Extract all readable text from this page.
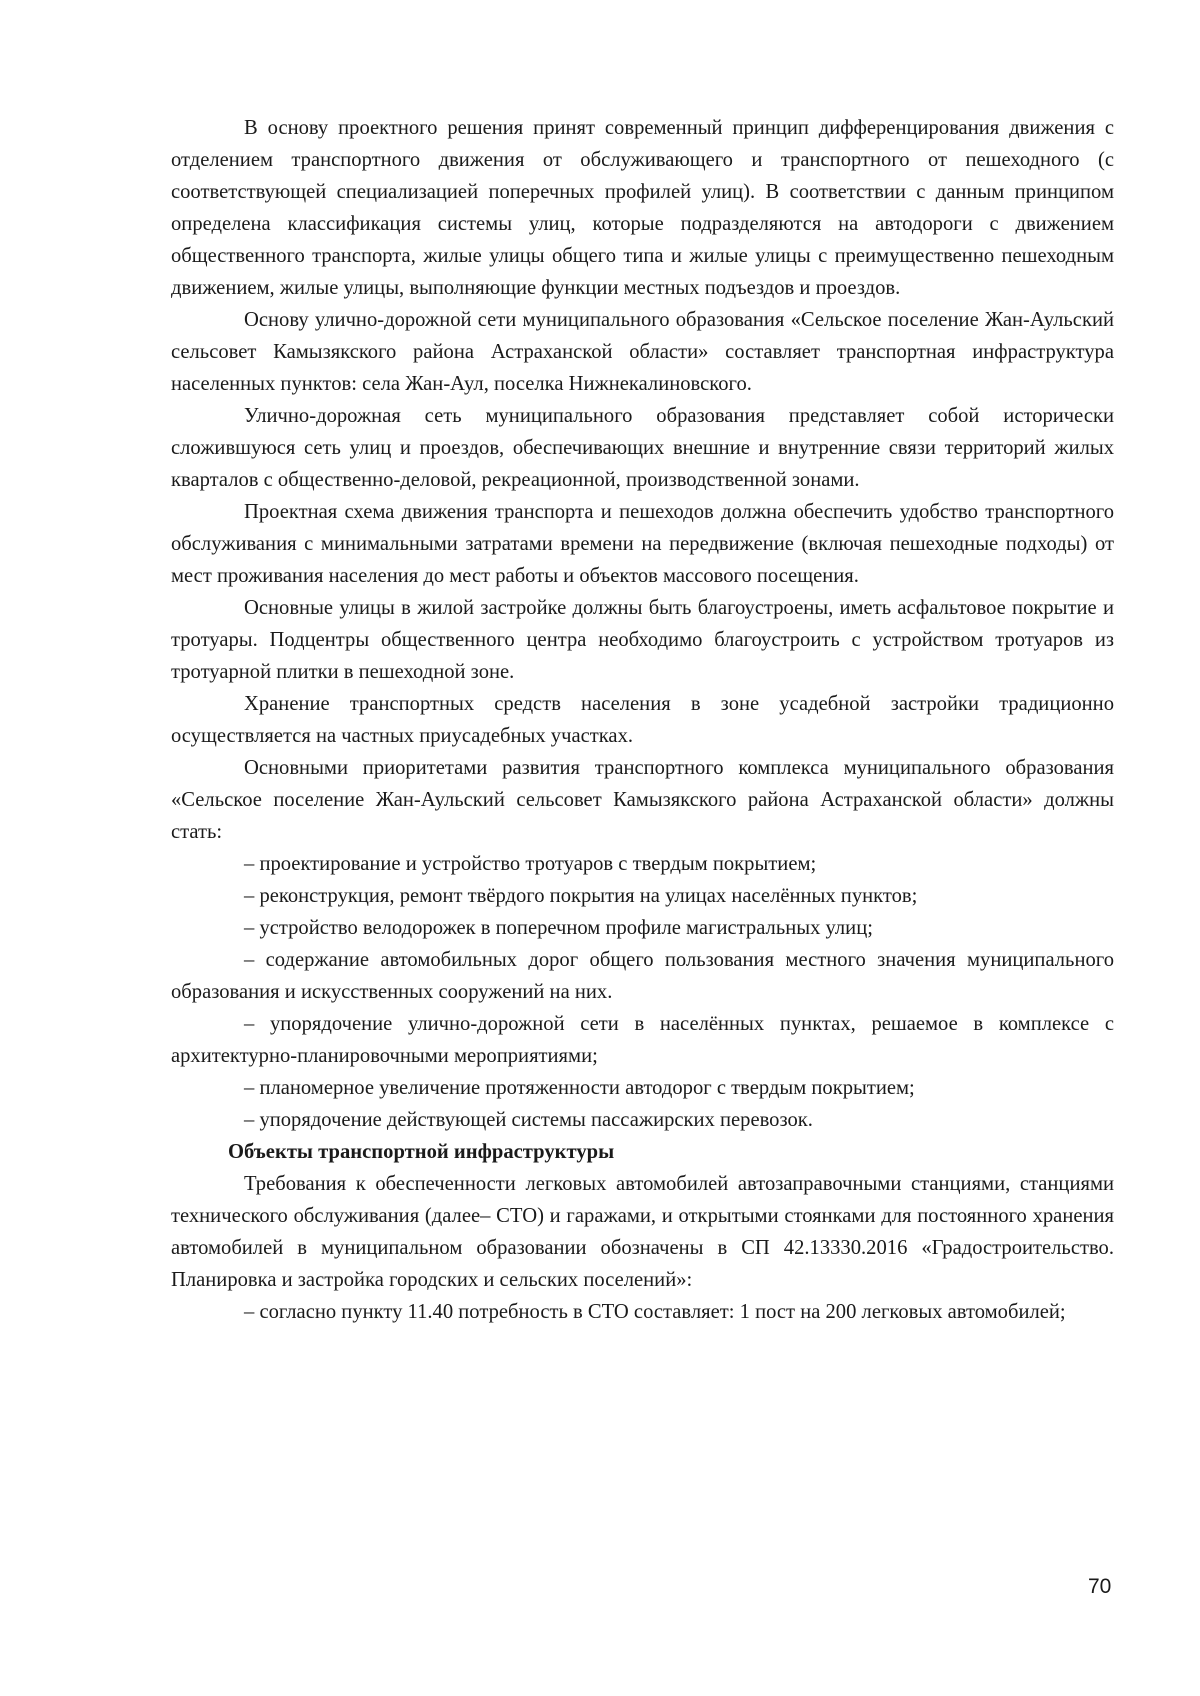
В основу проектного решения принят современный принцип дифференцирования движения с отделением транспортного движения от обслуживающего и транспортного от пешеходного (с соответствующей специализацией поперечных профилей улиц). В соответствии с данным принципом определена классификация системы улиц, которые подразделяются на автодороги с движением общественного транспорта, жилые улицы общего типа и жилые улицы с преимущественно пешеходным движением, жилые улицы, выполняющие функции местных подъездов и проездов.

Основу улично-дорожной сети муниципального образования «Сельское поселение Жан-Аульский сельсовет Камызякского района Астраханской области» составляет транспортная инфраструктура населенных пунктов: села Жан-Аул, поселка Нижнекалиновского.

Улично-дорожная сеть муниципального образования представляет собой исторически сложившуюся сеть улиц и проездов, обеспечивающих внешние и внутренние связи территорий жилых кварталов с общественно-деловой, рекреационной, производственной зонами.

Проектная схема движения транспорта и пешеходов должна обеспечить удобство транспортного обслуживания с минимальными затратами времени на передвижение (включая пешеходные подходы) от мест проживания населения до мест работы и объектов массового посещения.

Основные улицы в жилой застройке должны быть благоустроены, иметь асфальтовое покрытие и тротуары. Подцентры общественного центра необходимо благоустроить с устройством тротуаров из тротуарной плитки в пешеходной зоне.

Хранение транспортных средств населения в зоне усадебной застройки традиционно осуществляется на частных приусадебных участках.

Основными приоритетами развития транспортного комплекса муниципального образования «Сельское поселение Жан-Аульский сельсовет Камызякского района Астраханской области» должны стать:

– проектирование и устройство тротуаров с твердым покрытием;

– реконструкция, ремонт твёрдого покрытия на улицах населённых пунктов;

– устройство велодорожек в поперечном профиле магистральных улиц;

– содержание автомобильных дорог общего пользования местного значения муниципального образования и искусственных сооружений на них.

– упорядочение улично-дорожной сети в населённых пунктах, решаемое в комплексе с архитектурно-планировочными мероприятиями;

– планомерное увеличение протяженности автодорог с твердым покрытием;

– упорядочение действующей системы пассажирских перевозок.

Объекты транспортной инфраструктуры

Требования к обеспеченности легковых автомобилей автозаправочными станциями, станциями технического обслуживания (далее– СТО) и гаражами, и открытыми стоянками для постоянного хранения автомобилей в муниципальном образовании обозначены в СП 42.13330.2016 «Градостроительство. Планировка и застройка городских и сельских поселений»:

– согласно пункту 11.40 потребность в СТО составляет: 1 пост на 200 легковых автомобилей;

70
